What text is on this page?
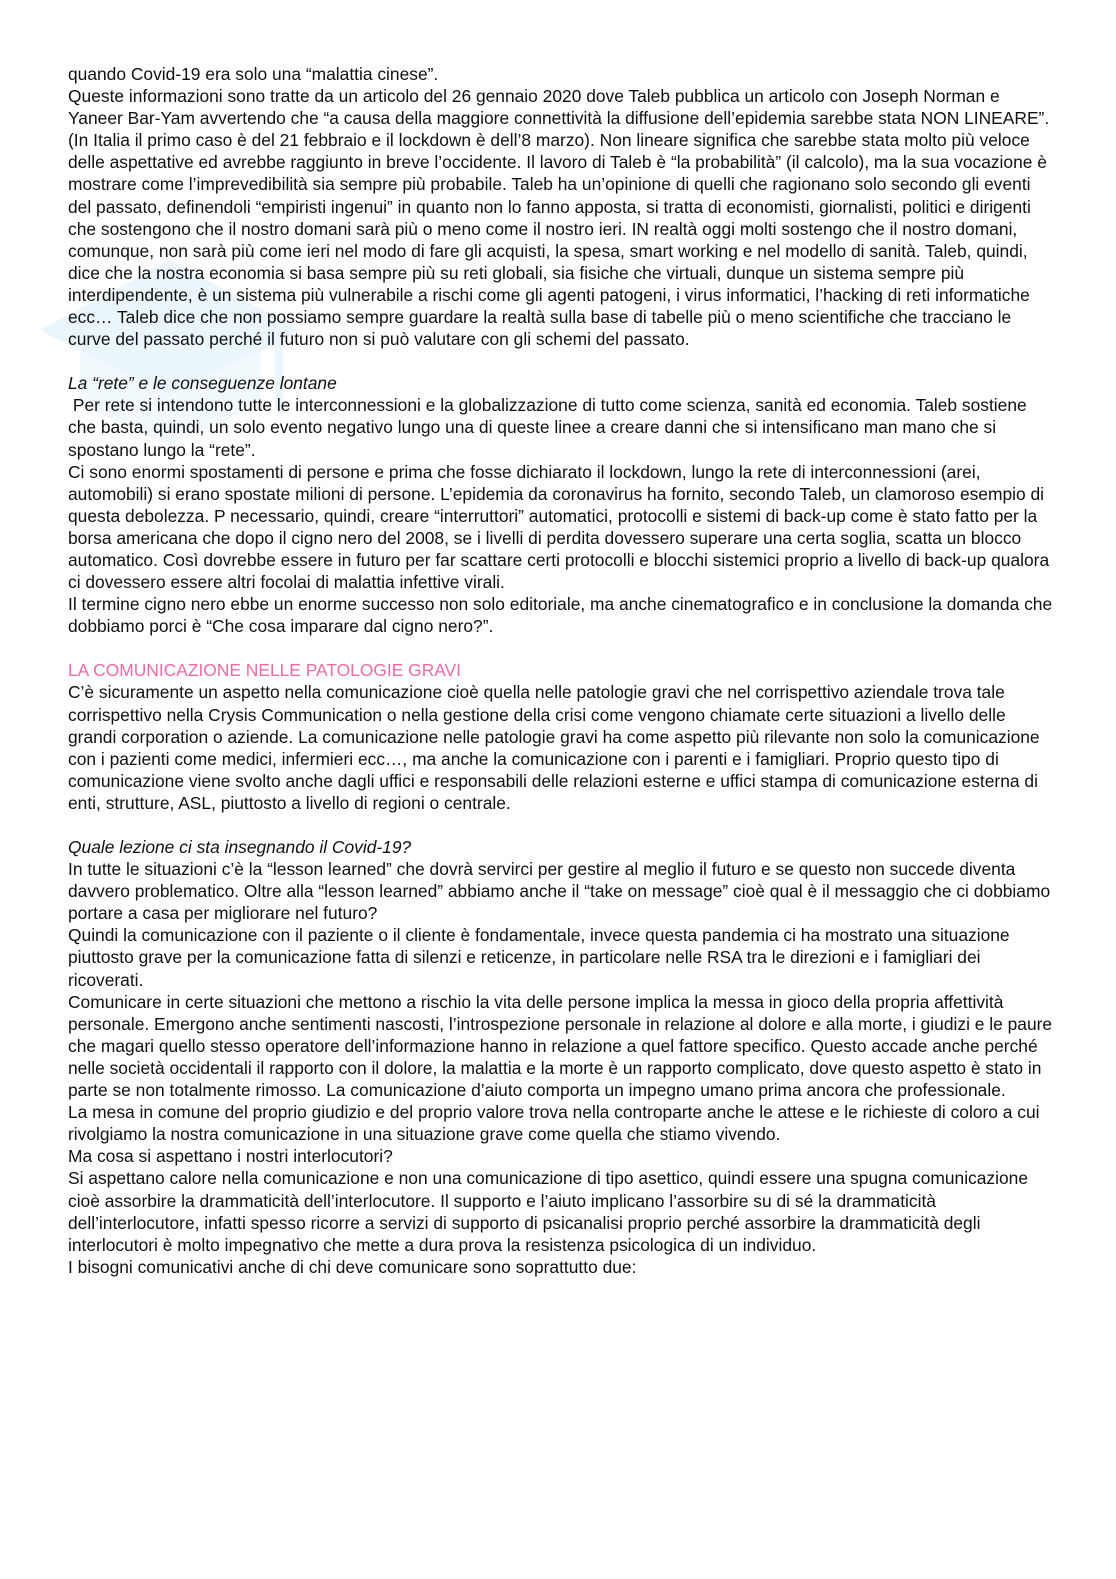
quando Covid-19 era solo una “malattia cinese”.

Queste informazioni sono tratte da un articolo del 26 gennaio 2020 dove Taleb pubblica un articolo con Joseph Norman e Yaneer Bar-Yam avvertendo che “a causa della maggiore connettività la diffusione dell’epidemia sarebbe stata NON LINEARE”. (In Italia il primo caso è del 21 febbraio e il lockdown è dell’8 marzo). Non lineare significa che sarebbe stata molto più veloce delle aspettative ed avrebbe raggiunto in breve l’occidente. Il lavoro di Taleb è “la probabilità” (il calcolo), ma la sua vocazione è mostrare come l’imprevedibilità sia sempre più probabile. Taleb ha un’opinione di quelli che ragionano solo secondo gli eventi del passato, definendoli “empiristi ingenui” in quanto non lo fanno apposta, si tratta di economisti, giornalisti, politici e dirigenti che sostengono che il nostro domani sarà più o meno come il nostro ieri. IN realtà oggi molti sostengo che il nostro domani, comunque, non sarà più come ieri nel modo di fare gli acquisti, la spesa, smart working e nel modello di sanità. Taleb, quindi, dice che la nostra economia si basa sempre più su reti globali, sia fisiche che virtuali, dunque un sistema sempre più interdipendente, è un sistema più vulnerabile a rischi come gli agenti patogeni, i virus informatici, l’hacking di reti informatiche ecc… Taleb dice che non possiamo sempre guardare la realtà sulla base di tabelle più o meno scientifiche che tracciano le curve del passato perché il futuro non si può valutare con gli schemi del passato.

La “rete” e le conseguenze lontane

Per rete si intendono tutte le interconnessioni e la globalizzazione di tutto come scienza, sanità ed economia. Taleb sostiene che basta, quindi, un solo evento negativo lungo una di queste linee a creare danni che si intensificano man mano che si spostano lungo la “rete”.

Ci sono enormi spostamenti di persone e prima che fosse dichiarato il lockdown, lungo la rete di interconnessioni (arei, automobili) si erano spostate milioni di persone. L’epidemia da coronavirus ha fornito, secondo Taleb, un clamoroso esempio di questa debolezza. P necessario, quindi, creare “interruttori” automatici, protocolli e sistemi di back-up come è stato fatto per la borsa americana che dopo il cigno nero del 2008, se i livelli di perdita dovessero superare una certa soglia, scatta un blocco automatico. Così dovrebbe essere in futuro per far scattare certi protocolli e blocchi sistemici proprio a livello di back-up qualora ci dovessero essere altri focolai di malattia infettive virali.

Il termine cigno nero ebbe un enorme successo non solo editoriale, ma anche cinematografico e in conclusione la domanda che dobbiamo porci è “Che cosa imparare dal cigno nero?”.

LA COMUNICAZIONE NELLE PATOLOGIE GRAVI

C’è sicuramente un aspetto nella comunicazione cioè quella nelle patologie gravi che nel corrispettivo aziendale trova tale corrispettivo nella Crysis Communication o nella gestione della crisi come vengono chiamate certe situazioni a livello delle grandi corporation o aziende. La comunicazione nelle patologie gravi ha come aspetto più rilevante non solo la comunicazione con i pazienti come medici, infermieri ecc…, ma anche la comunicazione con i parenti e i famigliari. Proprio questo tipo di comunicazione viene svolto anche dagli uffici e responsabili delle relazioni esterne e uffici stampa di comunicazione esterna di enti, strutture, ASL, piuttosto a livello di regioni o centrale.

Quale lezione ci sta insegnando il Covid-19?

In tutte le situazioni c’è la “lesson learned” che dovrà servirci per gestire al meglio il futuro e se questo non succede diventa davvero problematico. Oltre alla “lesson learned” abbiamo anche il “take on message” cioè qual è il messaggio che ci dobbiamo portare a casa per migliorare nel futuro?

Quindi la comunicazione con il paziente o il cliente è fondamentale, invece questa pandemia ci ha mostrato una situazione piuttosto grave per la comunicazione fatta di silenzi e reticenze, in particolare nelle RSA tra le direzioni e i famigliari dei ricoverati.

Comunicare in certe situazioni che mettono a rischio la vita delle persone implica la messa in gioco della propria affettività personale. Emergono anche sentimenti nascosti, l’introspezione personale in relazione al dolore e alla morte, i giudizi e le paure che magari quello stesso operatore dell’informazione hanno in relazione a quel fattore specifico. Questo accade anche perché nelle società occidentali il rapporto con il dolore, la malattia e la morte è un rapporto complicato, dove questo aspetto è stato in parte se non totalmente rimosso. La comunicazione d’aiuto comporta un impegno umano prima ancora che professionale.

La mesa in comune del proprio giudizio e del proprio valore trova nella controparte anche le attese e le richieste di coloro a cui rivolgiamo la nostra comunicazione in una situazione grave come quella che stiamo vivendo.

Ma cosa si aspettano i nostri interlocutori?

Si aspettano calore nella comunicazione e non una comunicazione di tipo asettico, quindi essere una spugna comunicazione cioè assorbire la drammaticità dell’interlocutore. Il supporto e l’aiuto implicano l’assorbire su di sé la drammaticità dell’interlocutore, infatti spesso ricorre a servizi di supporto di psicanalisi proprio perché assorbire la drammaticità degli interlocutori è molto impegnativo che mette a dura prova la resistenza psicologica di un individuo.

I bisogni comunicativi anche di chi deve comunicare sono soprattutto due:
